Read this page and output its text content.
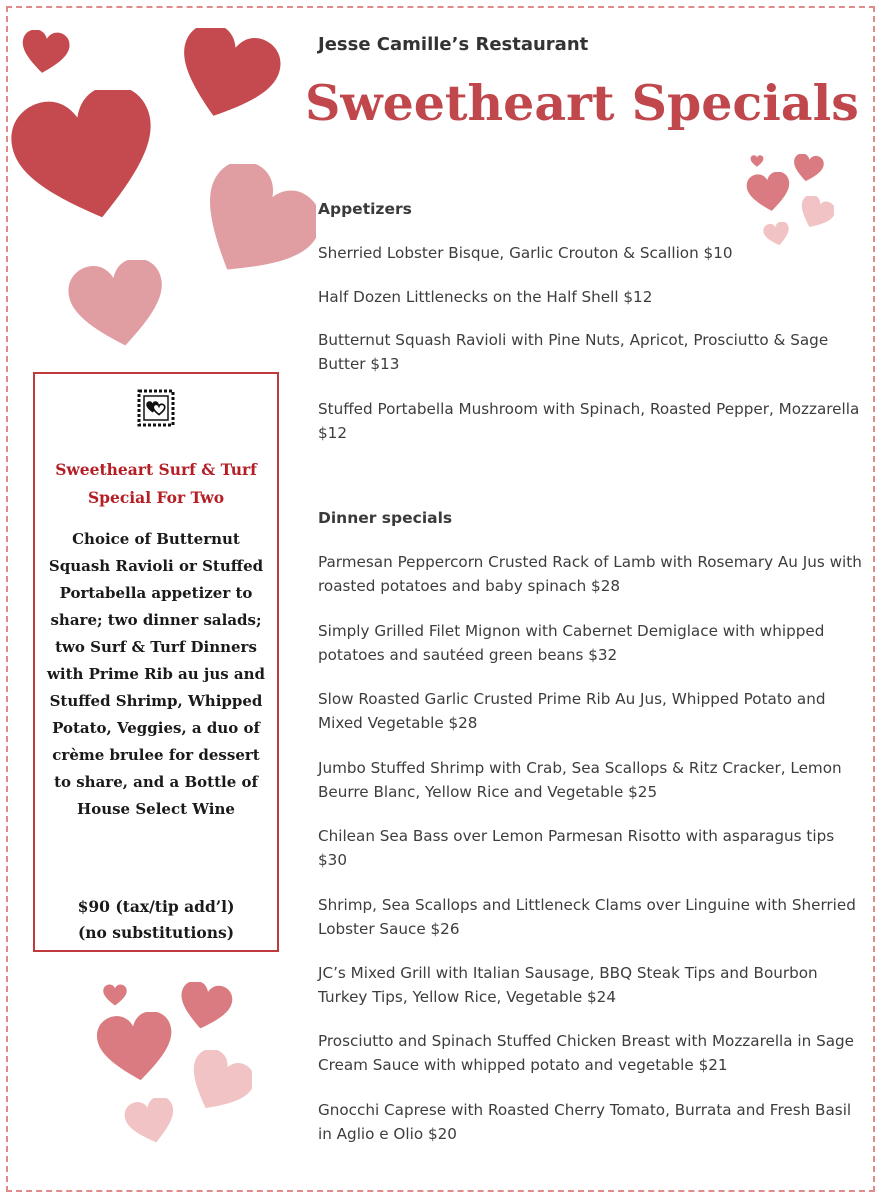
Jesse Camille’s Restaurant
Sweetheart Specials
Appetizers
Sherried Lobster Bisque, Garlic Crouton & Scallion $10
Half Dozen Littlenecks on the Half Shell $12
Butternut Squash Ravioli with Pine Nuts, Apricot, Prosciutto & Sage Butter $13
Stuffed Portabella Mushroom with Spinach, Roasted Pepper, Mozzarella $12
Dinner specials
Parmesan Peppercorn Crusted Rack of Lamb with Rosemary Au Jus with roasted potatoes and baby spinach $28
Simply Grilled Filet Mignon with Cabernet Demiglace with whipped potatoes and sautéed green beans $32
Slow Roasted Garlic Crusted Prime Rib Au Jus, Whipped Potato and Mixed Vegetable $28
Jumbo Stuffed Shrimp with Crab, Sea Scallops & Ritz Cracker, Lemon Beurre Blanc, Yellow Rice and Vegetable $25
Chilean Sea Bass over Lemon Parmesan Risotto with asparagus tips $30
Shrimp, Sea Scallops and Littleneck Clams over Linguine with Sherried Lobster Sauce $26
JC’s Mixed Grill with Italian Sausage, BBQ Steak Tips and Bourbon Turkey Tips, Yellow Rice, Vegetable $24
Prosciutto and Spinach Stuffed Chicken Breast with Mozzarella in Sage Cream Sauce with whipped potato and vegetable $21
Gnocchi Caprese with Roasted Cherry Tomato, Burrata and Fresh Basil in Aglio e Olio $20
Sweetheart Surf & Turf
Special For Two
Choice of Butternut Squash Ravioli or Stuffed Portabella appetizer to share; two dinner salads; two Surf & Turf Dinners with Prime Rib au jus and Stuffed Shrimp, Whipped Potato, Veggies, a duo of crème brulee for dessert to share, and a Bottle of House Select Wine
$90 (tax/tip add’l)
(no substitutions)
